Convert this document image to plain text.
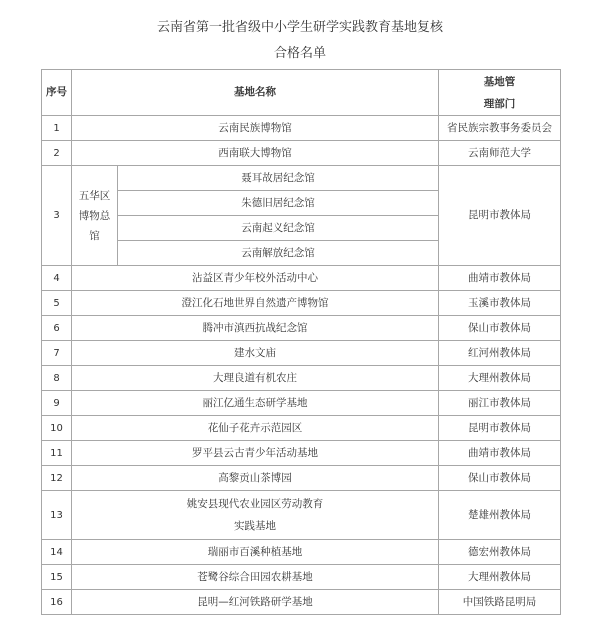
云南省第一批省级中小学生研学实践教育基地复核
合格名单
序号	基地名称		基地管
理部门

1	云南民族博物馆		省民族宗教事务委员会
2	西南联大博物馆		云南师范大学
3	五华区
博物总
馆	聂耳故居纪念馆	昆明市教体局
		朱德旧居纪念馆	
		云南起义纪念馆	
		云南解放纪念馆	
4	沾益区青少年校外活动中心		曲靖市教体局
5	澄江化石地世界自然遗产博物馆		玉溪市教体局
6	腾冲市滇西抗战纪念馆		保山市教体局
7	建水文庙		红河州教体局
8	大理良道有机农庄		大理州教体局
9	丽江亿通生态研学基地		丽江市教体局
10	花仙子花卉示范园区		昆明市教体局
11	罗平县云古青少年活动基地		曲靖市教体局
12	高黎贡山茶博园		保山市教体局
13	姚安县现代农业园区劳动教育
实践基地		楚雄州教体局
14	瑞丽市百溪种植基地		德宏州教体局
15	苍鹭谷综合田园农耕基地		大理州教体局
16	昆明—红河铁路研学基地		中国铁路昆明局
